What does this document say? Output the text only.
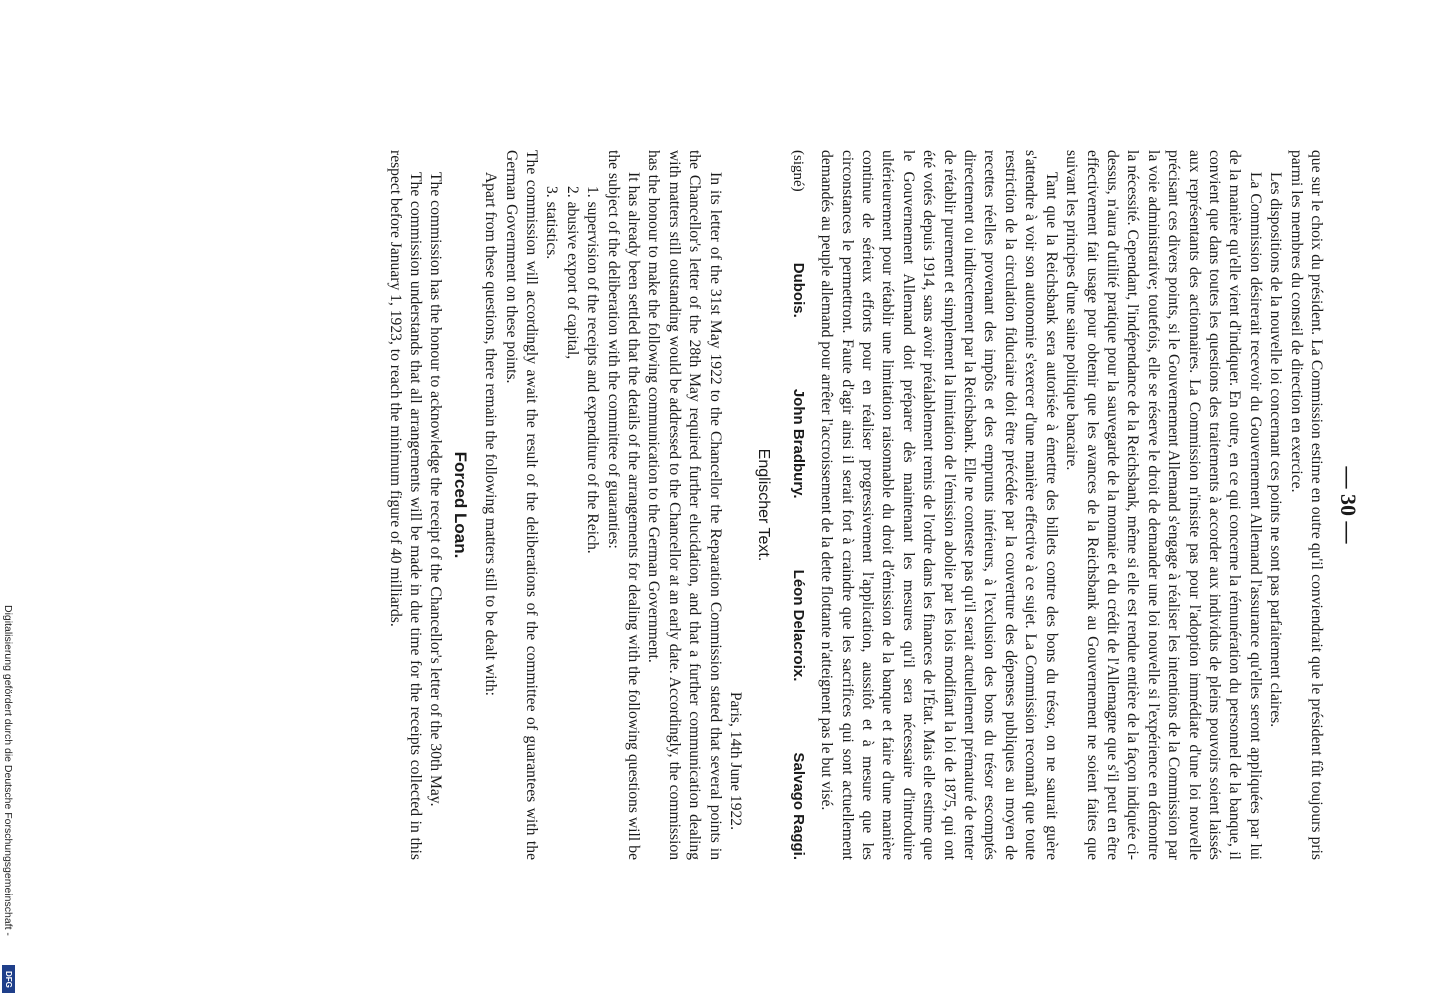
— 30 —

que sur le choix du président. La Commission estime en outre qu'il conviendrait que le président fût toujours pris parmi les membres du conseil de direction en exercice.

Les dispositions de la nouvelle loi concernant ces points ne sont pas parfaitement claires.

La Commission désirerait recevoir du Gouvernement Allemand l'assurance qu'elles seront appliquées par lui de la manière qu'elle vient d'indiquer. En outre, en ce qui concerne la rémunération du personnel de la banque, il convient que dans toutes les questions des traitements à accorder aux individus de pleins pouvoirs soient laissés aux représentants des actionnaires. La Commission n'insiste pas pour l'adoption immédiate d'une loi nouvelle précisant ces divers points, si le Gouvernement Allemand s'engage à réaliser les intentions de la Commission par la voie administrative; toutefois, elle se réserve le droit de demander une loi nouvelle si l'expérience en démontre la nécessité. Cependant, l'indépendance de la Reichsbank, même si elle est rendue entière de la façon indiquée ci-dessus, n'aura d'utilité pratique pour la sauvegarde de la monnaie et du crédit de l'Allemagne que s'il peut en être effectivement fait usage pour obtenir que les avances de la Reichsbank au Gouvernement ne soient faites que suivant les principes d'une saine politique bancaire.

Tant que la Reichsbank sera autorisée à émettre des billets contre des bons du trésor, on ne saurait guère s'attendre à voir son autonomie s'exercer d'une manière effective à ce sujet. La Commission reconnaît que toute restriction de la circulation fiduciaire doit être précédée par la couverture des dépenses publiques au moyen de recettes réelles provenant des impôts et des emprunts intérieurs, à l'exclusion des bons du trésor escomptés directement ou indirectement par la Reichsbank. Elle ne conteste pas qu'il serait actuellement prématuré de tenter de rétablir purement et simplement la limitation de l'émission abolie par les lois modifiant la loi de 1875, qui ont été votés depuis 1914, sans avoir préalablement remis de l'ordre dans les finances de l'État. Mais elle estime que le Gouvernement Allemand doit préparer dès maintenant les mesures qu'il sera nécessaire d'introduire ultérieurement pour rétablir une limitation raisonnable du droit d'émission de la banque et faire d'une manière continue de sérieux efforts pour en réaliser progressivement l'application, aussitôt et à mesure que les circonstances le permettront. Faute d'agir ainsi il serait fort à craindre que les sacrifices qui sont actuellement demandés au peuple allemand pour arrêter l'accroissement de la dette flottante n'atteignent pas le but visé.

(signé)
Dubois.
John Bradbury.
Léon Delacroix.
Salvago Raggi.
Englischer Text.

Paris, 14th June 1922.

In its letter of the 31st May 1922 to the Chancellor the Reparation Commission stated that several points in the Chancellor's letter of the 28th May required further elucidation, and that a further communication dealing with matters still outstanding would be addressed to the Chancellor at an early date. Accordingly, the commission has the honour to make the following communication to the German Government.

It has already been settled that the details of the arrangements for dealing with the following questions will be the subject of the deliberation with the committee of guaranties:

1. supervision of the receipts and expenditure of the Reich.

2. abusive export of capital,

3. statistics.

The commission will accordingly await the result of the deliberations of the committee of guarantees with the German Government on these points.

Apart from these questions, there remain the following matters still to be dealt with:

Forced Loan.

The commission has the honour to acknowledge the receipt of the Chancellor's letter of the 30th May.

The commission understands that all arrangements will be made in due time for the receipts collected in this respect before January 1, 1923, to reach the minimum figure of 40 milliards.

Digitalisierung gefördert durch die Deutsche Forschungsgemeinschaft -
DFG
